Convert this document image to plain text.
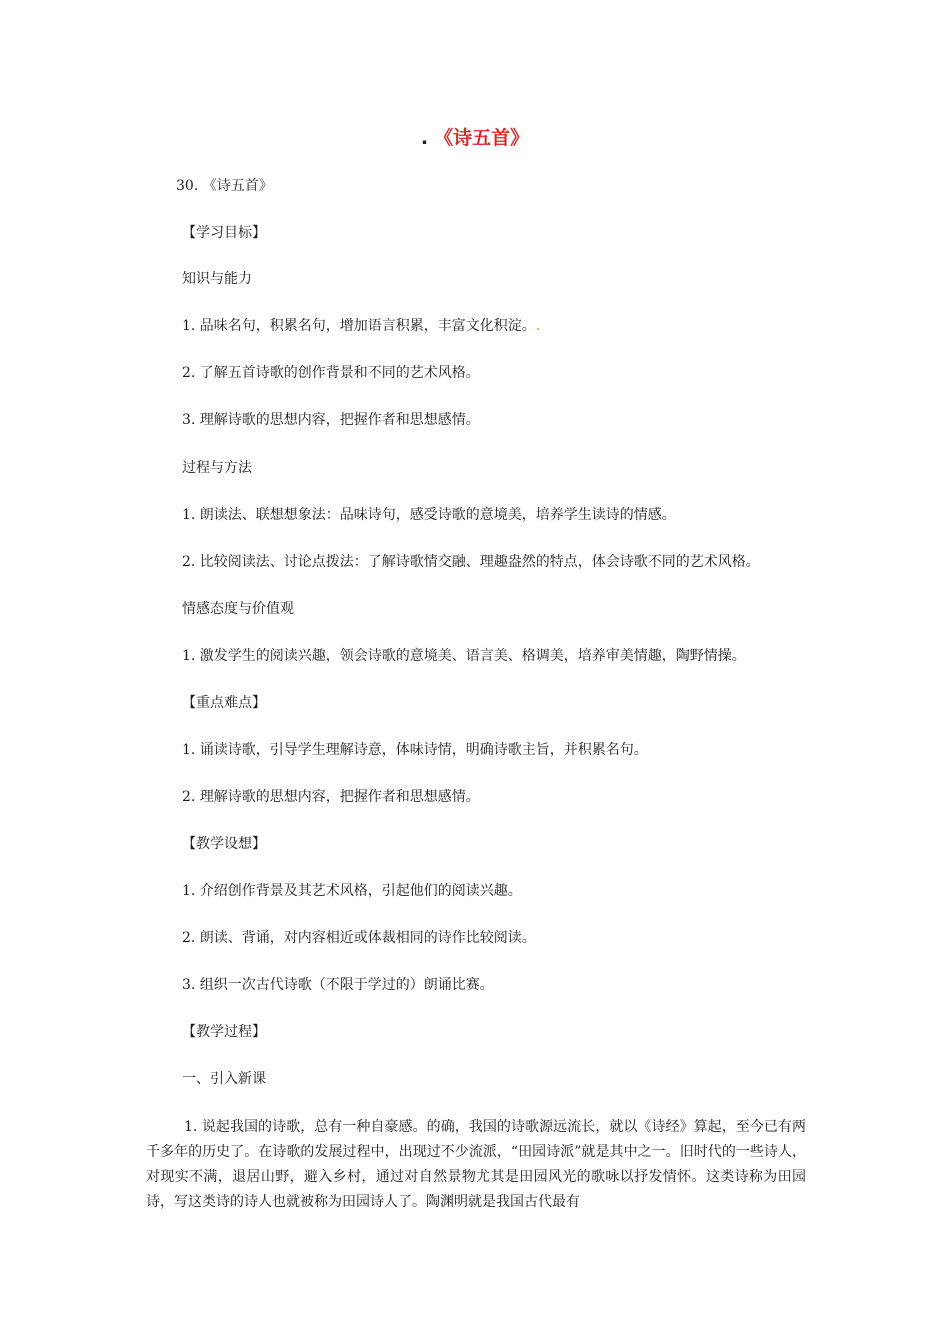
. 《诗五首》
30. 《诗五首》
【学习目标】
知识与能力
1. 品味名句，积累名句，增加语言积累，丰富文化积淀。.
2. 了解五首诗歌的创作背景和不同的艺术风格。
3. 理解诗歌的思想内容，把握作者和思想感情。
过程与方法
1. 朗读法、联想想象法：品味诗句，感受诗歌的意境美，培养学生读诗的情感。
2. 比较阅读法、讨论点拨法：了解诗歌情交融、理趣盎然的特点，体会诗歌不同的艺术风格。
情感态度与价值观
1. 激发学生的阅读兴趣，领会诗歌的意境美、语言美、格调美，培养审美情趣，陶野情操。
【重点难点】
1. 诵读诗歌，引导学生理解诗意，体味诗情，明确诗歌主旨，并积累名句。
2. 理解诗歌的思想内容，把握作者和思想感情。
【教学设想】
1. 介绍创作背景及其艺术风格，引起他们的阅读兴趣。
2. 朗读、背诵，对内容相近或体裁相同的诗作比较阅读。
3. 组织一次古代诗歌（不限于学过的）朗诵比赛。
【教学过程】
一、引入新课
1. 说起我国的诗歌，总有一种自豪感。的确，我国的诗歌源远流长，就以《诗经》算起，至今已有两千多年的历史了。在诗歌的发展过程中，出现过不少流派，“田园诗派”就是其中之一。旧时代的一些诗人，对现实不满，退居山野，避入乡村，通过对自然景物尤其是田园风光的歌咏以抒发情怀。这类诗称为田园诗，写这类诗的诗人也就被称为田园诗人了。陶渊明就是我国古代最有
